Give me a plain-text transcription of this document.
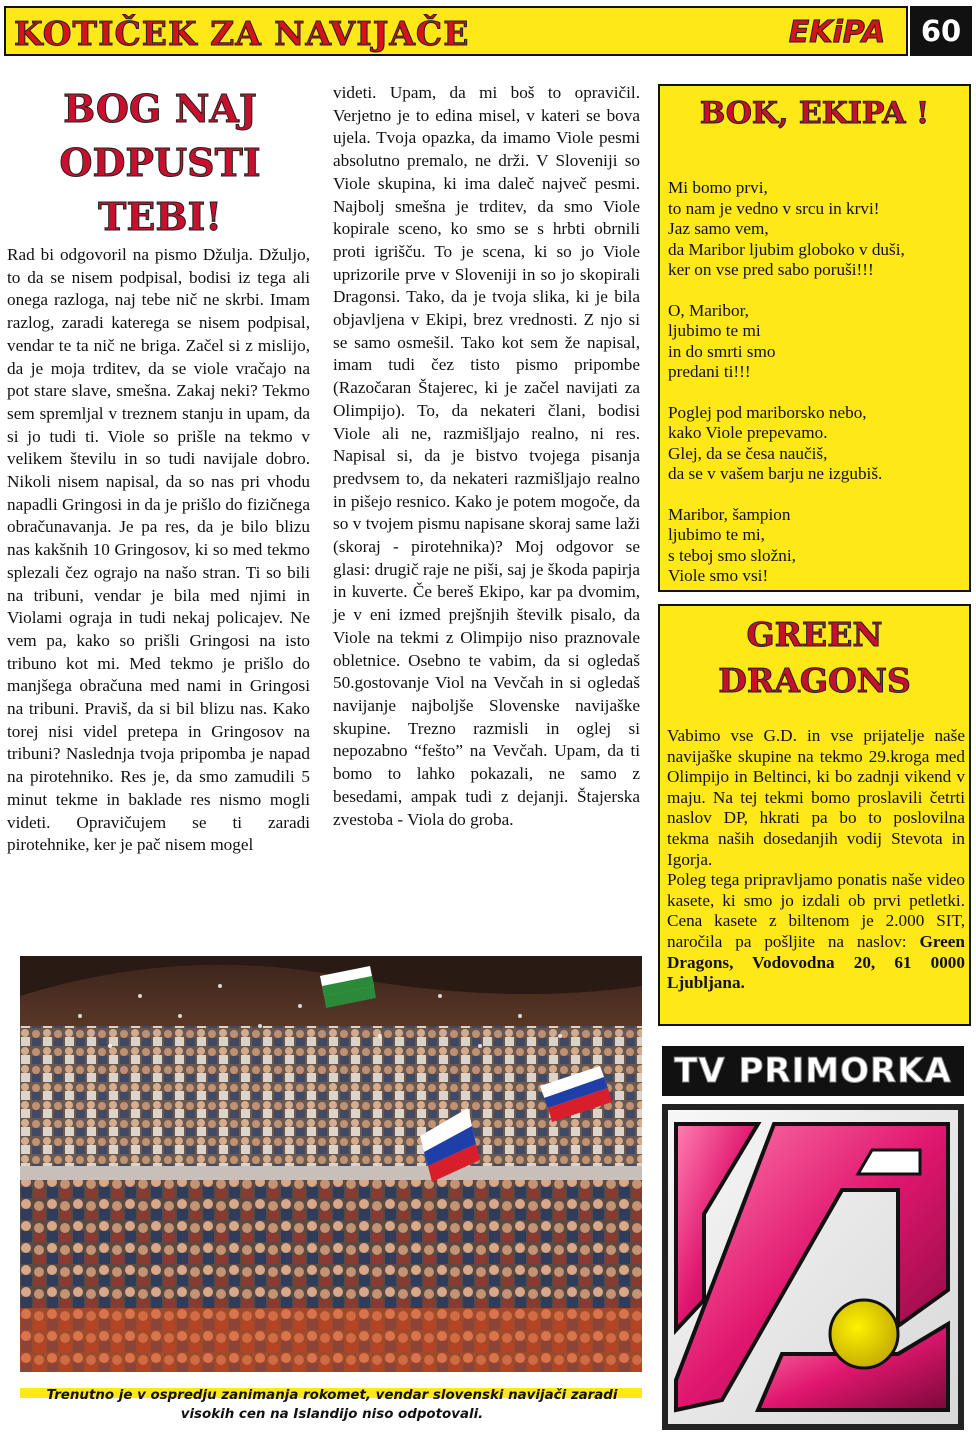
KOTIČEK ZA NAVIJAČE	EKiPA	60
BOG NAJ
ODPUSTI
TEBI!
Rad bi odgovoril na pismo Džulja. Džuljo, to da se nisem podpisal, bodisi iz tega ali onega razloga, naj tebe nič ne skrbi. Imam razlog, zaradi katerega se nisem podpisal, vendar te ta nič ne briga. Začel si z mislijo, da je moja trditev, da se viole vračajo na pot stare slave, smešna. Zakaj neki? Tekmo sem spremljal v treznem stanju in upam, da si jo tudi ti. Viole so prišle na tekmo v velikem številu in so tudi navijale dobro. Nikoli nisem napisal, da so nas pri vhodu napadli Gringosi in da je prišlo do fizičnega obračunavanja. Je pa res, da je bilo blizu nas kakšnih 10 Gringosov, ki so med tekmo splezali čez ograjo na našo stran. Ti so bili na tribuni, vendar je bila med njimi in Violami ograja in tudi nekaj policajev. Ne vem pa, kako so prišli Gringosi na isto tribuno kot mi. Med tekmo je prišlo do manjšega obračuna med nami in Gringosi na tribuni. Praviš, da si bil blizu nas. Kako torej nisi videl pretepa in Gringosov na tribuni? Naslednja tvoja pripomba je napad na pirotehniko. Res je, da smo zamudili 5 minut tekme in baklade res nismo mogli videti. Opravičujem se ti zaradi pirotehnike, ker je pač nisem mogel
videti. Upam, da mi boš to opravičil. Verjetno je to edina misel, v kateri se bova ujela. Tvoja opazka, da imamo Viole pesmi absolutno premalo, ne drži. V Sloveniji so Viole skupina, ki ima daleč največ pesmi. Najbolj smešna je trditev, da smo Viole kopirale sceno, ko smo se s hrbti obrnili proti igrišču. To je scena, ki so jo Viole uprizorile prve v Sloveniji in so jo skopirali Dragonsi. Tako, da je tvoja slika, ki je bila objavljena v Ekipi, brez vrednosti. Z njo si se samo osmešil. Tako kot sem že napisal, imam tudi čez tisto pismo pripombe (Razočaran Štajerec, ki je začel navijati za Olimpijo). To, da nekateri člani, bodisi Viole ali ne, razmišljajo realno, ni res. Napisal si, da je bistvo tvojega pisanja predvsem to, da nekateri razmišljajo realno in pišejo resnico. Kako je potem mogoče, da so v tvojem pismu napisane skoraj same laži (skoraj - pirotehnika)? Moj odgovor se glasi: drugič raje ne piši, saj je škoda papirja in kuverte. Če bereš Ekipo, kar pa dvomim, je v eni izmed prejšnjih številk pisalo, da Viole na tekmi z Olimpijo niso praznovale obletnice. Osebno te vabim, da si ogledaš 50.gostovanje Viol na Vevčah in si ogledaš navijanje najboljše Slovenske navijaške skupine. Trezno razmisli in oglej si nepozabno “fešto” na Vevčah. Upam, da ti bomo to lahko pokazali, ne samo z besedami, ampak tudi z dejanji. Štajerska zvestoba - Viola do groba.
BOK, EKIPA !
Mi bomo prvi,
to nam je vedno v srcu in krvi!
Jaz samo vem,
da Maribor ljubim globoko v duši,
ker on vse pred sabo poruši!!!
O, Maribor,
ljubimo te mi
in do smrti smo
predani ti!!!
Poglej pod mariborsko nebo,
kako Viole prepevamo.
Glej, da se česa naučiš,
da se v vašem barju ne izgubiš.
Maribor, šampion
ljubimo te mi,
s teboj smo složni,
Viole smo vsi!
GREEN
DRAGONS
Vabimo vse G.D. in vse prijatelje naše navijaške skupine na tekmo 29.kroga med Olimpijo in Beltinci, ki bo zadnji vikend v maju. Na tej tekmi bomo proslavili četrti naslov DP, hkrati pa bo to poslovilna tekma naših dosedanjih vodij Stevota in Igorja.
Poleg tega pripravljamo ponatis naše video kasete, ki smo jo izdali ob prvi petletki. Cena kasete z biltenom je 2.000 SIT, naročila pa pošljite na naslov: Green Dragons, Vodovodna 20, 61 0000 Ljubljana.
TV PRIMORKA
Trenutno je v ospredju zanimanja rokomet, vendar slovenski navijači zaradi visokih cen na Islandijo niso odpotovali.
